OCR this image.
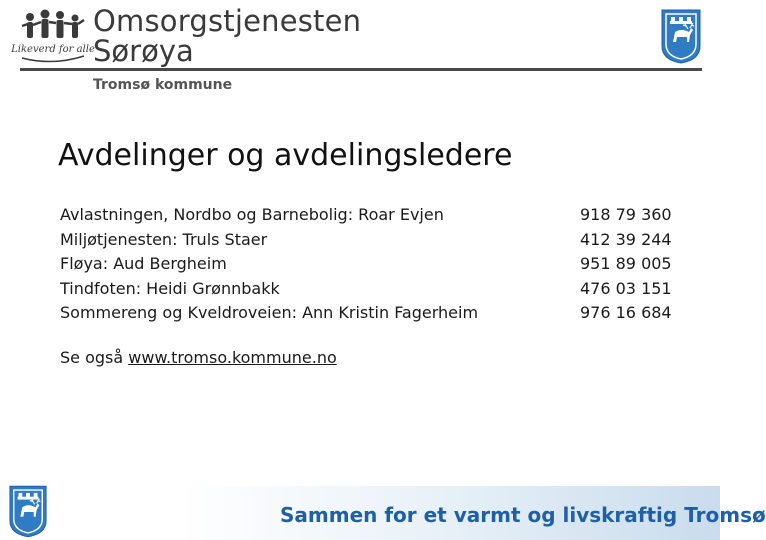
Likeverd for alle
Omsorgstjenesten
Sørøya
Tromsø kommune
Avdelinger og avdelingsledere
Avlastningen, Nordbo og Barnebolig: Roar Evjen	918 79 360
Miljøtjenesten: Truls Staer	412 39 244
Fløya: Aud Bergheim	951 89 005
Tindfoten: Heidi Grønnbakk	476 03 151
Sommereng og Kveldroveien: Ann Kristin Fagerheim	976 16 684
Se også www.tromso.kommune.no
Sammen for et varmt og livskraftig Tromsø
